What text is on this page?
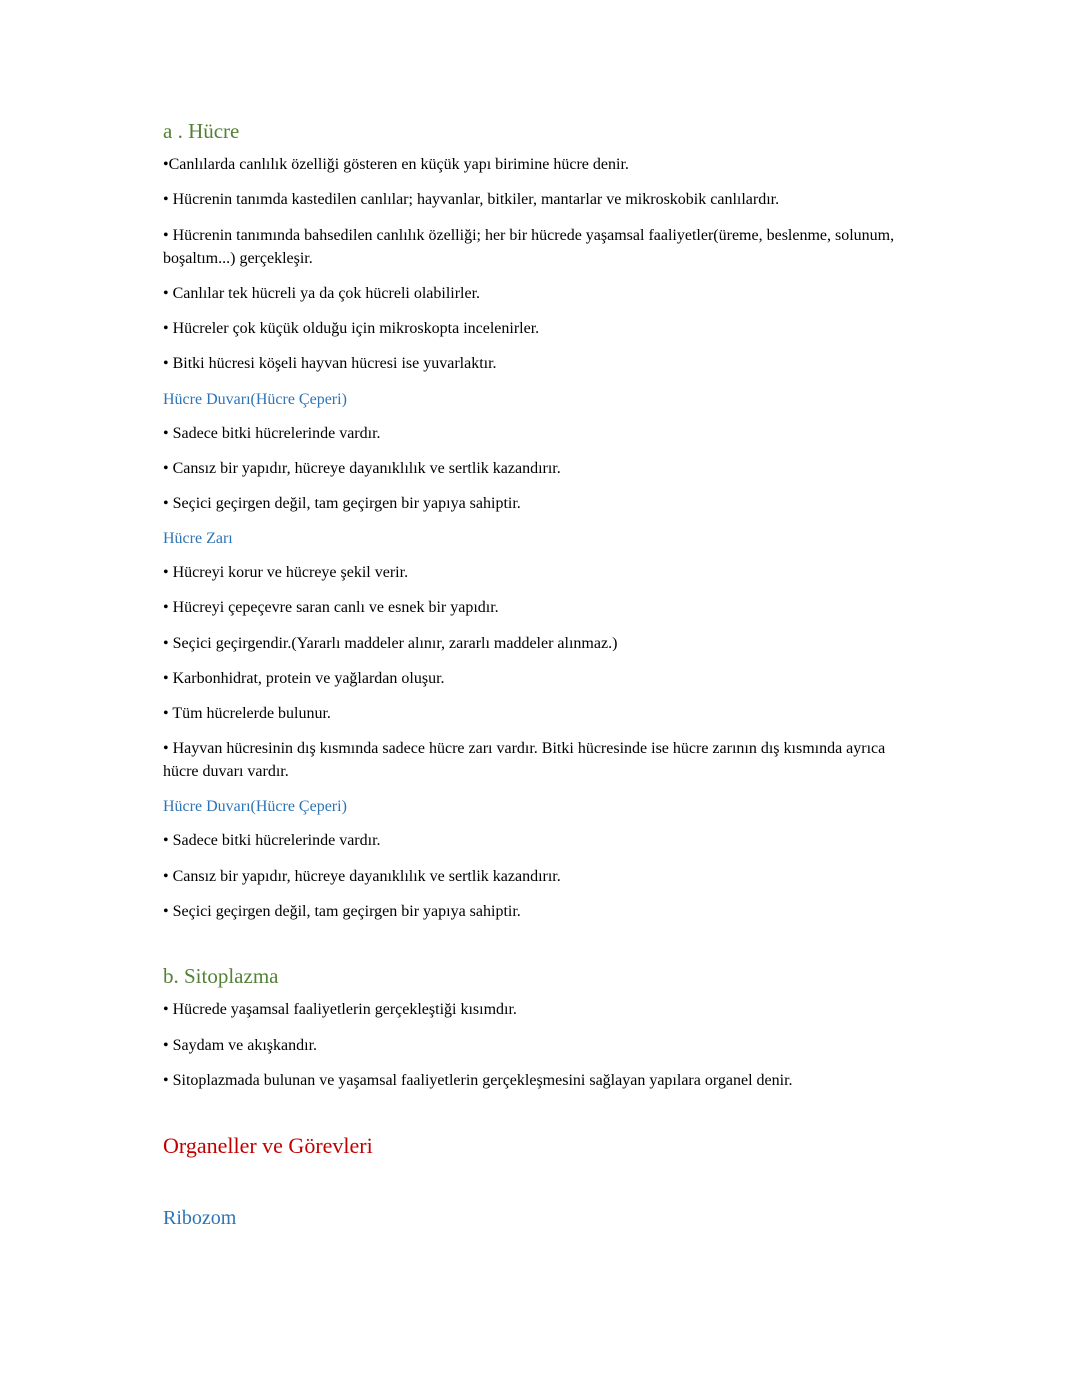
a . Hücre

•Canlılarda canlılık özelliği gösteren en küçük yapı birimine hücre denir.

• Hücrenin tanımda kastedilen canlılar; hayvanlar, bitkiler, mantarlar ve mikroskobik canlılardır.

• Hücrenin tanımında bahsedilen canlılık özelliği; her bir hücrede yaşamsal faaliyetler(üreme, beslenme, solunum, boşaltım...) gerçekleşir.

• Canlılar tek hücreli ya da çok hücreli olabilirler.

• Hücreler çok küçük olduğu için mikroskopta incelenirler.

• Bitki hücresi köşeli hayvan hücresi ise yuvarlaktır.

Hücre Duvarı(Hücre Çeperi)

• Sadece bitki hücrelerinde vardır.

• Cansız bir yapıdır, hücreye dayanıklılık ve sertlik kazandırır.

• Seçici geçirgen değil, tam geçirgen bir yapıya sahiptir.

Hücre Zarı

• Hücreyi korur ve hücreye şekil verir.

• Hücreyi çepeçevre saran canlı ve esnek bir yapıdır.

• Seçici geçirgendir.(Yararlı maddeler alınır, zararlı maddeler alınmaz.)

• Karbonhidrat, protein ve yağlardan oluşur.

• Tüm hücrelerde bulunur.

• Hayvan hücresinin dış kısmında sadece hücre zarı vardır. Bitki hücresinde ise hücre zarının dış kısmında ayrıca hücre duvarı vardır.

Hücre Duvarı(Hücre Çeperi)

• Sadece bitki hücrelerinde vardır.

• Cansız bir yapıdır, hücreye dayanıklılık ve sertlik kazandırır.

• Seçici geçirgen değil, tam geçirgen bir yapıya sahiptir.

b. Sitoplazma

• Hücrede yaşamsal faaliyetlerin gerçekleştiği kısımdır.

• Saydam ve akışkandır.

• Sitoplazmada bulunan ve yaşamsal faaliyetlerin gerçekleşmesini sağlayan yapılara organel denir.

Organeller ve Görevleri
Ribozom
